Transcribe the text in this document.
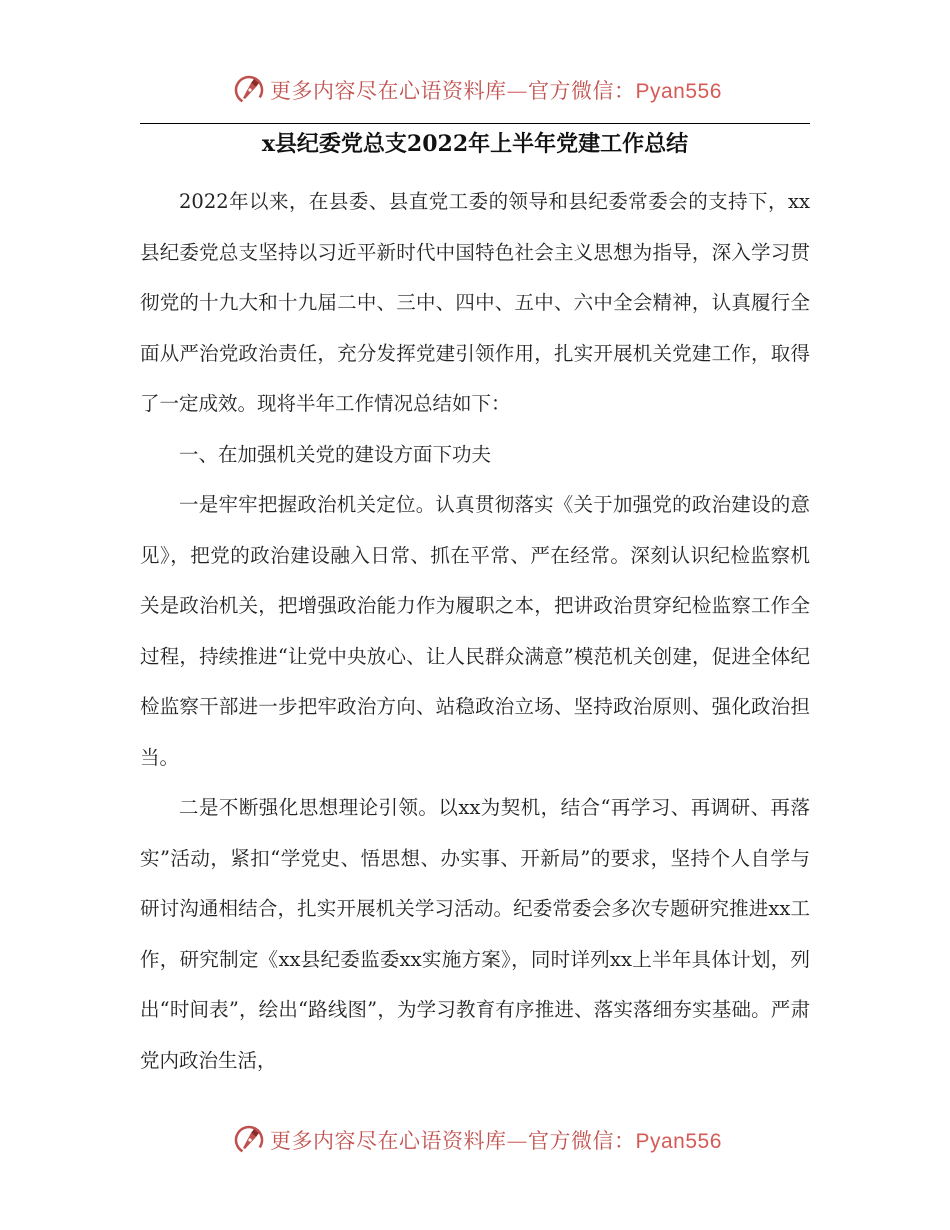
更多内容尽在心语资料库—官方微信：Pyan556
x县纪委党总支2022年上半年党建工作总结

2022年以来，在县委、县直党工委的领导和县纪委常委会的支持下，xx县纪委党总支坚持以习近平新时代中国特色社会主义思想为指导，深入学习贯彻党的十九大和十九届二中、三中、四中、五中、六中全会精神，认真履行全面从严治党政治责任，充分发挥党建引领作用，扎实开展机关党建工作，取得了一定成效。现将半年工作情况总结如下：

一、在加强机关党的建设方面下功夫

一是牢牢把握政治机关定位。认真贯彻落实《关于加强党的政治建设的意见》，把党的政治建设融入日常、抓在平常、严在经常。深刻认识纪检监察机关是政治机关，把增强政治能力作为履职之本，把讲政治贯穿纪检监察工作全过程，持续推进“让党中央放心、让人民群众满意”模范机关创建，促进全体纪检监察干部进一步把牢政治方向、站稳政治立场、坚持政治原则、强化政治担当。

二是不断强化思想理论引领。以xx为契机，结合“再学习、再调研、再落实”活动，紧扣“学党史、悟思想、办实事、开新局”的要求，坚持个人自学与研讨沟通相结合，扎实开展机关学习活动。纪委常委会多次专题研究推进xx工作，研究制定《xx县纪委监委xx实施方案》，同时详列xx上半年具体计划，列出“时间表”，绘出“路线图”，为学习教育有序推进、落实落细夯实基础。严肃党内政治生活，

更多内容尽在心语资料库—官方微信：Pyan556
